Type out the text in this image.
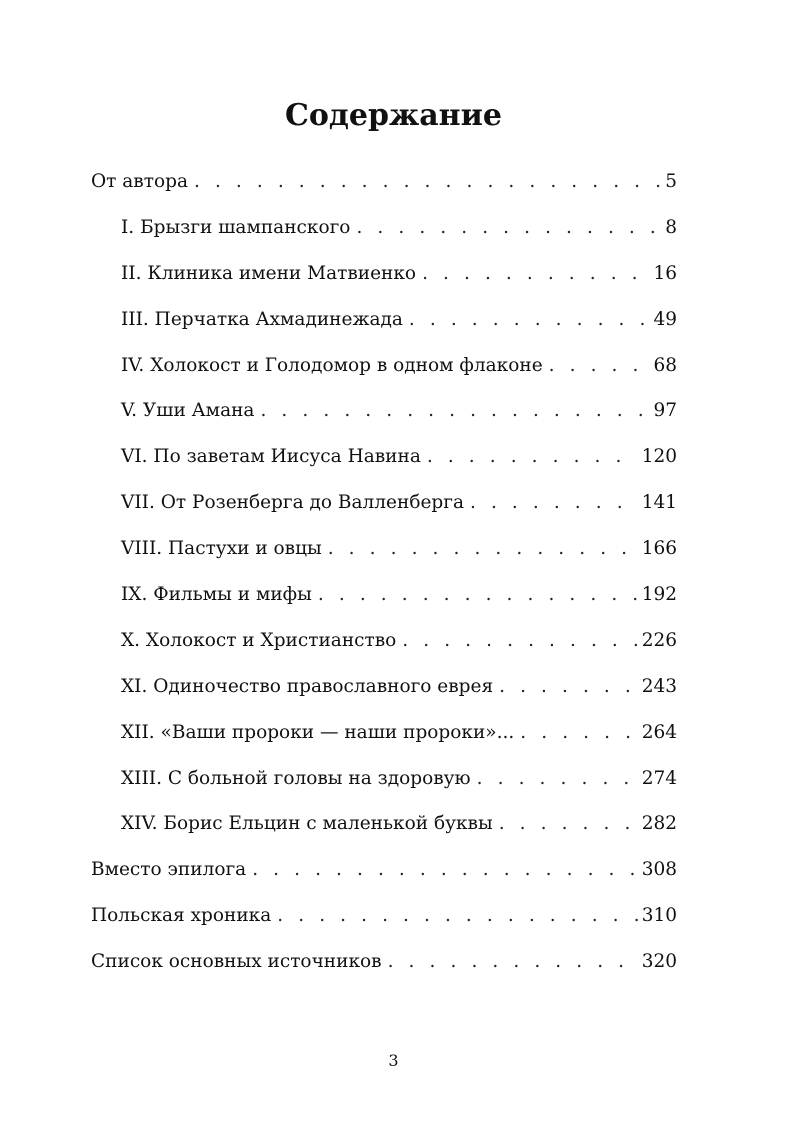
Содержание
От автора . . .	5
I. Брызги шампанского . . .	8
II. Клиника имени Матвиенко . . .	16
III. Перчатка Ахмадинежада . . .	49
IV. Холокост и Голодомор в одном флаконе . . .	68
V. Уши Амана . . .	97
VI. По заветам Иисуса Навина . . .	120
VII. От Розенберга до Валленберга . . .	141
VIII. Пастухи и овцы . . .	166
IX. Фильмы и мифы . . .	192
X. Холокост и Христианство . . .	226
XI. Одиночество православного еврея . . .	243
XII. «Ваши пророки — наши пророки»... . . .	264
XIII. С больной головы на здоровую . . .	274
XIV. Борис Ельцин с маленькой буквы . . .	282
Вместо эпилога . . .	308
Польская хроника . . .	310
Список основных источников . . .	320
3
